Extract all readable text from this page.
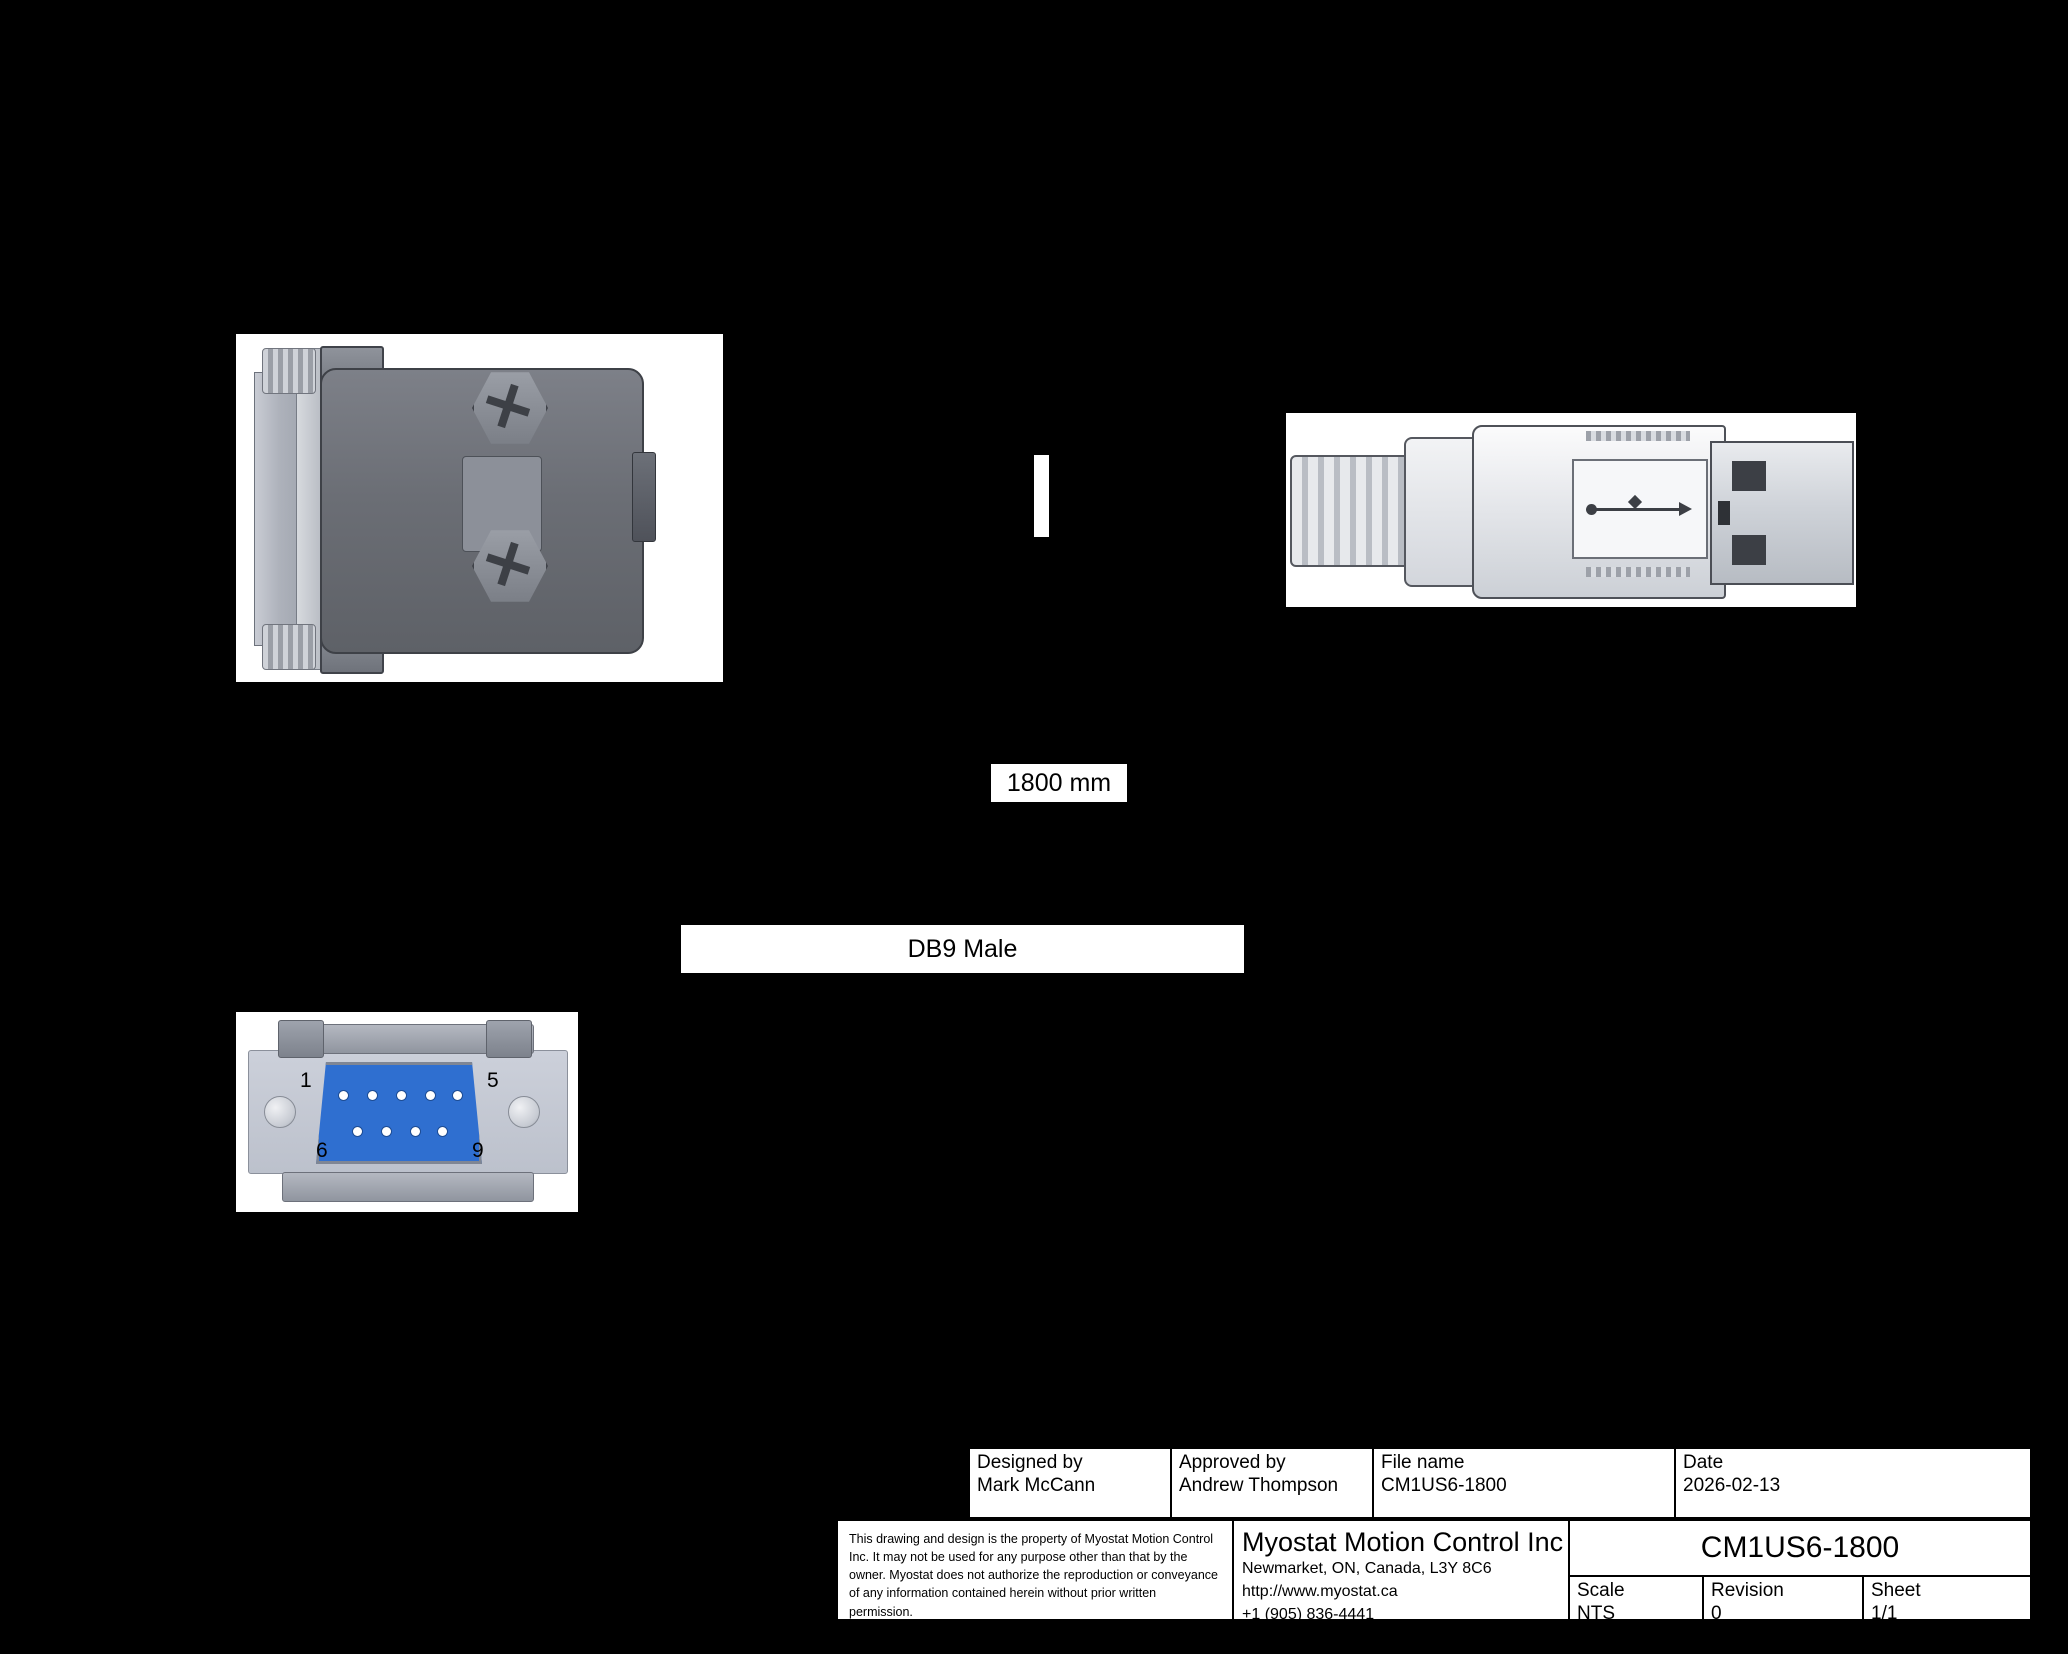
1800 mm
DB9 Male
1	5
6	9
Designed by
Mark McCann
Approved by
Andrew Thompson
File name
CM1US6-1800
Date
2026-02-13
This drawing and design is the property of Myostat Motion Control Inc. It may not be used for any purpose other than that by the owner. Myostat does not authorize the reproduction or conveyance of any information contained herein without prior written permission.
Myostat Motion Control Inc
Newmarket, ON, Canada, L3Y 8C6
http://www.myostat.ca
+1 (905) 836-4441
CM1US6-1800
Scale
NTS
Revision
0
Sheet
1/1
